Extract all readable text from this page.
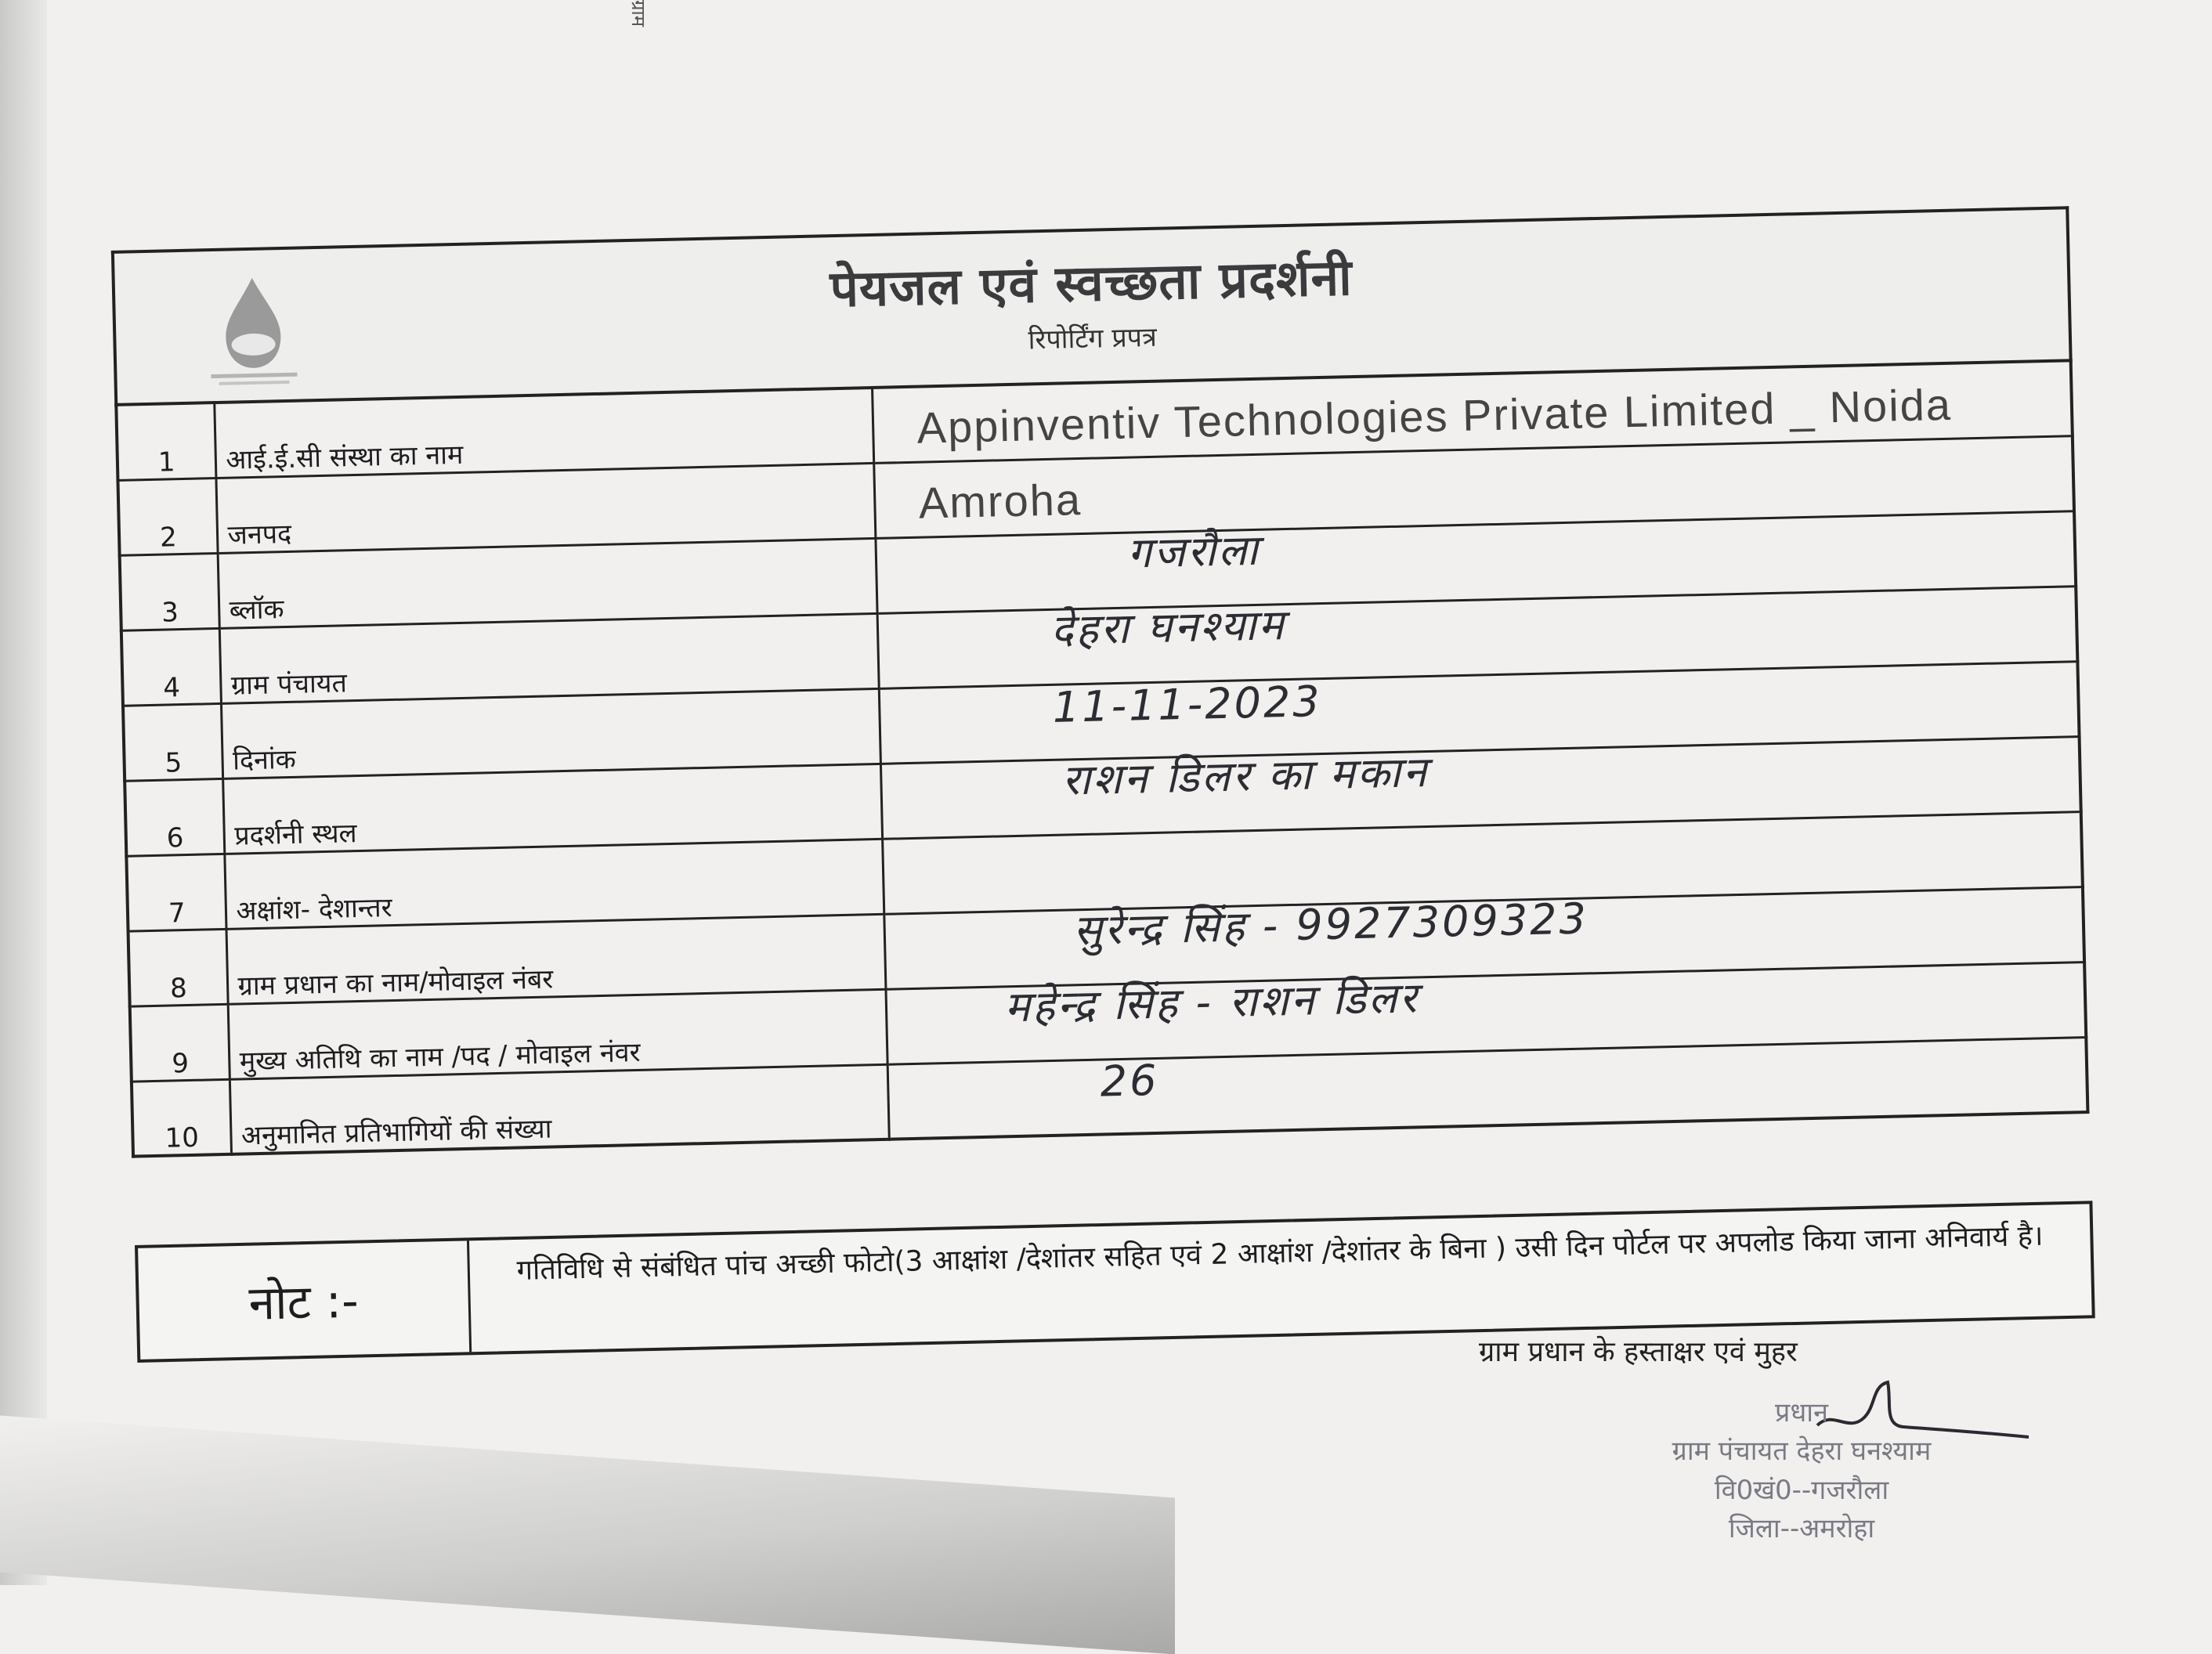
ग्राम
पेयजल एवं स्वच्छता प्रदर्शनी
रिपोर्टिंग प्रपत्र
1	आई.ई.सी संस्था का नाम	Appinventiv Technologies Private Limited _ Noida

2	जनपद	Amroha

3	ब्लॉक	गजरौला

4	ग्राम पंचायत	देहरा घनश्याम

5	दिनांक	11-11-2023

6	प्रदर्शनी स्थल	राशन डिलर का मकान

7	अक्षांश- देशान्तर	

8	ग्राम प्रधान का नाम/मोवाइल नंबर	सुरेन्द्र सिंह - 9927309323

9	मुख्य अतिथि का नाम /पद / मोवाइल नंवर	महेन्द्र सिंह - राशन डिलर

10	अनुमानित प्रतिभागियों की संख्या	26
नोट :-
गतिविधि से संबंधित पांच अच्छी फोटो(3 आक्षांश /देशांतर सहित एवं 2 आक्षांश /देशांतर के बिना ) उसी दिन पोर्टल पर अपलोड किया जाना अनिवार्य है।
ग्राम प्रधान के हस्ताक्षर एवं मुहर
प्रधान
ग्राम पंचायत देहरा घनश्याम
वि0खं0--गजरौला
जिला--अमरोहा
